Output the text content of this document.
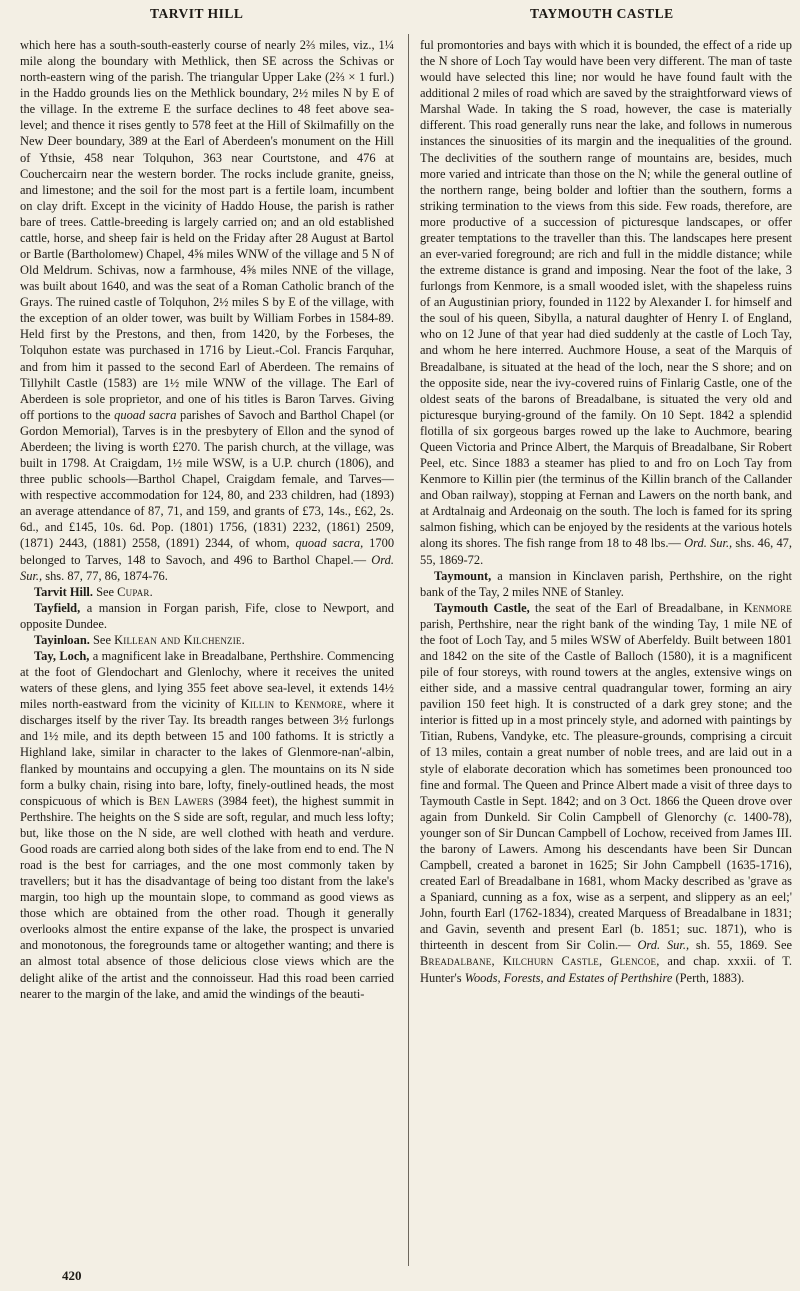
TARVIT HILL	TAYMOUTH CASTLE

which here has a south-south-easterly course of nearly 2⅔ miles, viz., 1¼ mile along the boundary with Methlick, then SE across the Schivas or north-eastern wing of the parish. The triangular Upper Lake (2⅔ × 1 furl.) in the Haddo grounds lies on the Methlick boundary, 2½ miles N by E of the village. In the extreme E the surface declines to 48 feet above sea-level; and thence it rises gently to 578 feet at the Hill of Skilmafilly on the New Deer boundary, 389 at the Earl of Aberdeen's monument on the Hill of Ythsie, 458 near Tolquhon, 363 near Courtstone, and 476 at Couchercairn near the western border. The rocks include granite, gneiss, and limestone; and the soil for the most part is a fertile loam, incumbent on clay drift. Except in the vicinity of Haddo House, the parish is rather bare of trees. Cattle-breeding is largely carried on; and an old established cattle, horse, and sheep fair is held on the Friday after 28 August at Bartol or Bartle (Bartholomew) Chapel, 4⅝ miles WNW of the village and 5 N of Old Meldrum. Schivas, now a farmhouse, 4⅝ miles NNE of the village, was built about 1640, and was the seat of a Roman Catholic branch of the Grays. The ruined castle of Tolquhon, 2½ miles S by E of the village, with the exception of an older tower, was built by William Forbes in 1584-89. Held first by the Prestons, and then, from 1420, by the Forbeses, the Tolquhon estate was purchased in 1716 by Lieut.-Col. Francis Farquhar, and from him it passed to the second Earl of Aberdeen. The remains of Tillyhilt Castle (1583) are 1½ mile WNW of the village. The Earl of Aberdeen is sole proprietor, and one of his titles is Baron Tarves. Giving off portions to the quoad sacra parishes of Savoch and Barthol Chapel (or Gordon Memorial), Tarves is in the presbytery of Ellon and the synod of Aberdeen; the living is worth £270. The parish church, at the village, was built in 1798. At Craigdam, 1½ mile WSW, is a U.P. church (1806), and three public schools—Barthol Chapel, Craigdam female, and Tarves—with respective accommodation for 124, 80, and 233 children, had (1893) an average attendance of 87, 71, and 159, and grants of £73, 14s., £62, 2s. 6d., and £145, 10s. 6d. Pop. (1801) 1756, (1831) 2232, (1861) 2509, (1871) 2443, (1881) 2558, (1891) 2344, of whom, quoad sacra, 1700 belonged to Tarves, 148 to Savoch, and 496 to Barthol Chapel.— Ord. Sur., shs. 87, 77, 86, 1874-76.

Tarvit Hill. See Cupar.

Tayfield, a mansion in Forgan parish, Fife, close to Newport, and opposite Dundee.

Tayinloan. See Killean and Kilchenzie.

Tay, Loch, a magnificent lake in Breadalbane, Perthshire. Commencing at the foot of Glendochart and Glenlochy, where it receives the united waters of these glens, and lying 355 feet above sea-level, it extends 14½ miles north-eastward from the vicinity of Killin to Kenmore, where it discharges itself by the river Tay. Its breadth ranges between 3½ furlongs and 1½ mile, and its depth between 15 and 100 fathoms. It is strictly a Highland lake, similar in character to the lakes of Glenmore-nan'-albin, flanked by mountains and occupying a glen. The mountains on its N side form a bulky chain, rising into bare, lofty, finely-outlined heads, the most conspicuous of which is Ben Lawers (3984 feet), the highest summit in Perthshire. The heights on the S side are soft, regular, and much less lofty; but, like those on the N side, are well clothed with heath and verdure. Good roads are carried along both sides of the lake from end to end. The N road is the best for carriages, and the one most commonly taken by travellers; but it has the disadvantage of being too distant from the lake's margin, too high up the mountain slope, to command as good views as those which are obtained from the other road. Though it generally overlooks almost the entire expanse of the lake, the prospect is unvaried and monotonous, the foregrounds tame or altogether wanting; and there is an almost total absence of those delicious close views which are the delight alike of the artist and the connoisseur. Had this road been carried nearer to the margin of the lake, and amid the windings of the beauti-

ful promontories and bays with which it is bounded, the effect of a ride up the N shore of Loch Tay would have been very different. The man of taste would have selected this line; nor would he have found fault with the additional 2 miles of road which are saved by the straightforward views of Marshal Wade. In taking the S road, however, the case is materially different. This road generally runs near the lake, and follows in numerous instances the sinuosities of its margin and the inequalities of the ground. The declivities of the southern range of mountains are, besides, much more varied and intricate than those on the N; while the general outline of the northern range, being bolder and loftier than the southern, forms a striking termination to the views from this side. Few roads, therefore, are more productive of a succession of picturesque landscapes, or offer greater temptations to the traveller than this. The landscapes here present an ever-varied foreground; are rich and full in the middle distance; while the extreme distance is grand and imposing. Near the foot of the lake, 3 furlongs from Kenmore, is a small wooded islet, with the shapeless ruins of an Augustinian priory, founded in 1122 by Alexander I. for himself and the soul of his queen, Sibylla, a natural daughter of Henry I. of England, who on 12 June of that year had died suddenly at the castle of Loch Tay, and whom he here interred. Auchmore House, a seat of the Marquis of Breadalbane, is situated at the head of the loch, near the S shore; and on the opposite side, near the ivy-covered ruins of Finlarig Castle, one of the oldest seats of the barons of Breadalbane, is situated the very old and picturesque burying-ground of the family. On 10 Sept. 1842 a splendid flotilla of six gorgeous barges rowed up the lake to Auchmore, bearing Queen Victoria and Prince Albert, the Marquis of Breadalbane, Sir Robert Peel, etc. Since 1883 a steamer has plied to and fro on Loch Tay from Kenmore to Killin pier (the terminus of the Killin branch of the Callander and Oban railway), stopping at Fernan and Lawers on the north bank, and at Ardtalnaig and Ardeonaig on the south. The loch is famed for its spring salmon fishing, which can be enjoyed by the residents at the various hotels along its shores. The fish range from 18 to 48 lbs.— Ord. Sur., shs. 46, 47, 55, 1869-72.

Taymount, a mansion in Kinclaven parish, Perthshire, on the right bank of the Tay, 2 miles NNE of Stanley.

Taymouth Castle, the seat of the Earl of Breadalbane, in Kenmore parish, Perthshire, near the right bank of the winding Tay, 1 mile NE of the foot of Loch Tay, and 5 miles WSW of Aberfeldy. Built between 1801 and 1842 on the site of the Castle of Balloch (1580), it is a magnificent pile of four storeys, with round towers at the angles, extensive wings on either side, and a massive central quadrangular tower, forming an airy pavilion 150 feet high. It is constructed of a dark grey stone; and the interior is fitted up in a most princely style, and adorned with paintings by Titian, Rubens, Vandyke, etc. The pleasure-grounds, comprising a circuit of 13 miles, contain a great number of noble trees, and are laid out in a style of elaborate decoration which has sometimes been pronounced too fine and formal. The Queen and Prince Albert made a visit of three days to Taymouth Castle in Sept. 1842; and on 3 Oct. 1866 the Queen drove over again from Dunkeld. Sir Colin Campbell of Glenorchy (c. 1400-78), younger son of Sir Duncan Campbell of Lochow, received from James III. the barony of Lawers. Among his descendants have been Sir Duncan Campbell, created a baronet in 1625; Sir John Campbell (1635-1716), created Earl of Breadalbane in 1681, whom Macky described as 'grave as a Spaniard, cunning as a fox, wise as a serpent, and slippery as an eel;' John, fourth Earl (1762-1834), created Marquess of Breadalbane in 1831; and Gavin, seventh and present Earl (b. 1851; suc. 1871), who is thirteenth in descent from Sir Colin.— Ord. Sur., sh. 55, 1869. See Breadalbane, Kilchurn Castle, Glencoe, and chap. xxxii. of T. Hunter's Woods, Forests, and Estates of Perthshire (Perth, 1883).

420
